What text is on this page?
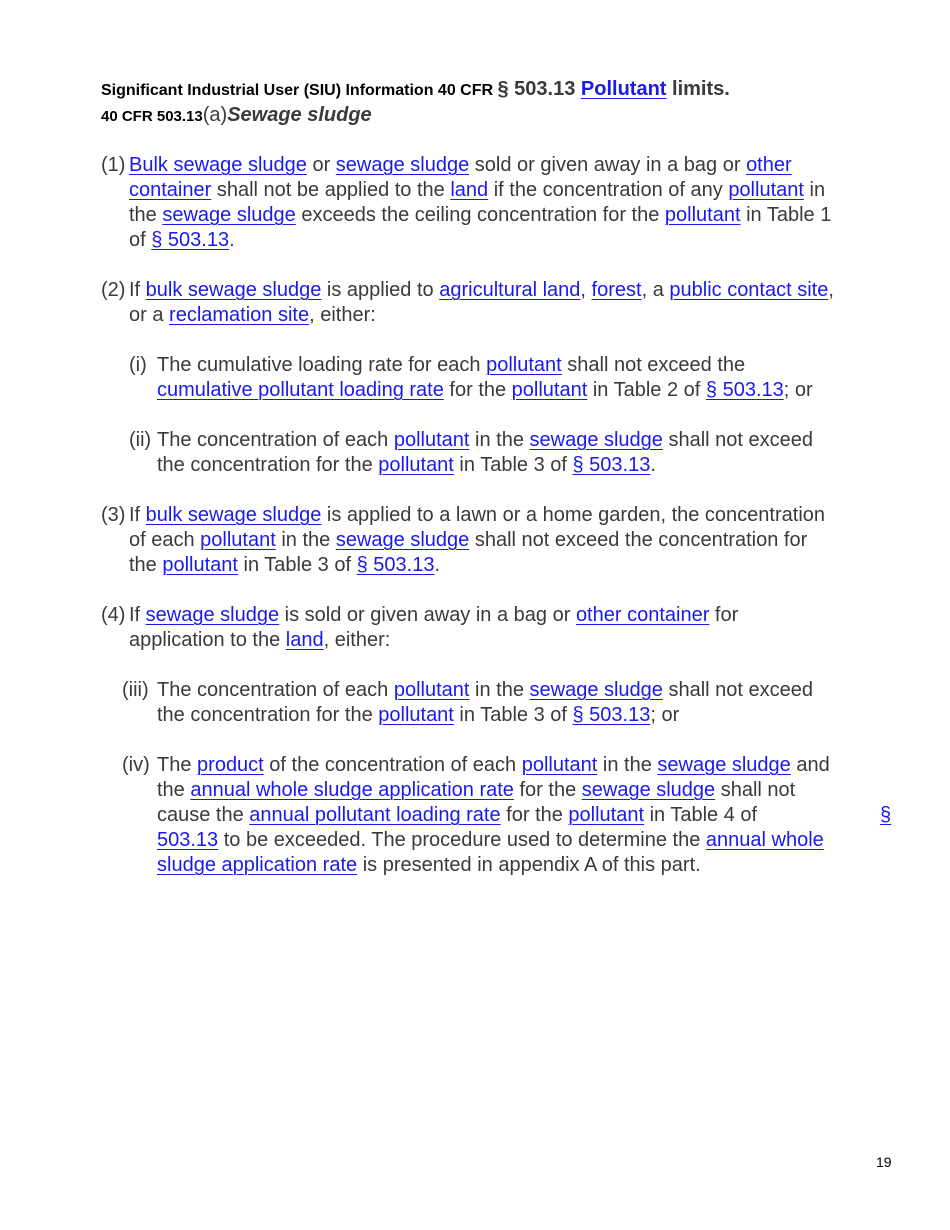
Significant Industrial User (SIU) Information 40 CFR § 503.13 Pollutant limits.
40 CFR 503.13(a)Sewage sludge
(1) Bulk sewage sludge or sewage sludge sold or given away in a bag or other
container shall not be applied to the land if the concentration of any pollutant in
the sewage sludge exceeds the ceiling concentration for the pollutant in Table 1
of § 503.13.
(2) If bulk sewage sludge is applied to agricultural land, forest, a public contact site,
or a reclamation site, either:
(i) The cumulative loading rate for each pollutant shall not exceed the
cumulative pollutant loading rate for the pollutant in Table 2 of § 503.13; or
(ii) The concentration of each pollutant in the sewage sludge shall not exceed
the concentration for the pollutant in Table 3 of § 503.13.
(3) If bulk sewage sludge is applied to a lawn or a home garden, the concentration
of each pollutant in the sewage sludge shall not exceed the concentration for
the pollutant in Table 3 of § 503.13.
(4) If sewage sludge is sold or given away in a bag or other container for
application to the land, either:
(iii) The concentration of each pollutant in the sewage sludge shall not exceed
the concentration for the pollutant in Table 3 of § 503.13; or
(iv) The product of the concentration of each pollutant in the sewage sludge and
the annual whole sludge application rate for the sewage sludge shall not
cause the annual pollutant loading rate for the pollutant in Table 4 of	§
503.13 to be exceeded. The procedure used to determine the annual whole
sludge application rate is presented in appendix A of this part.
19
